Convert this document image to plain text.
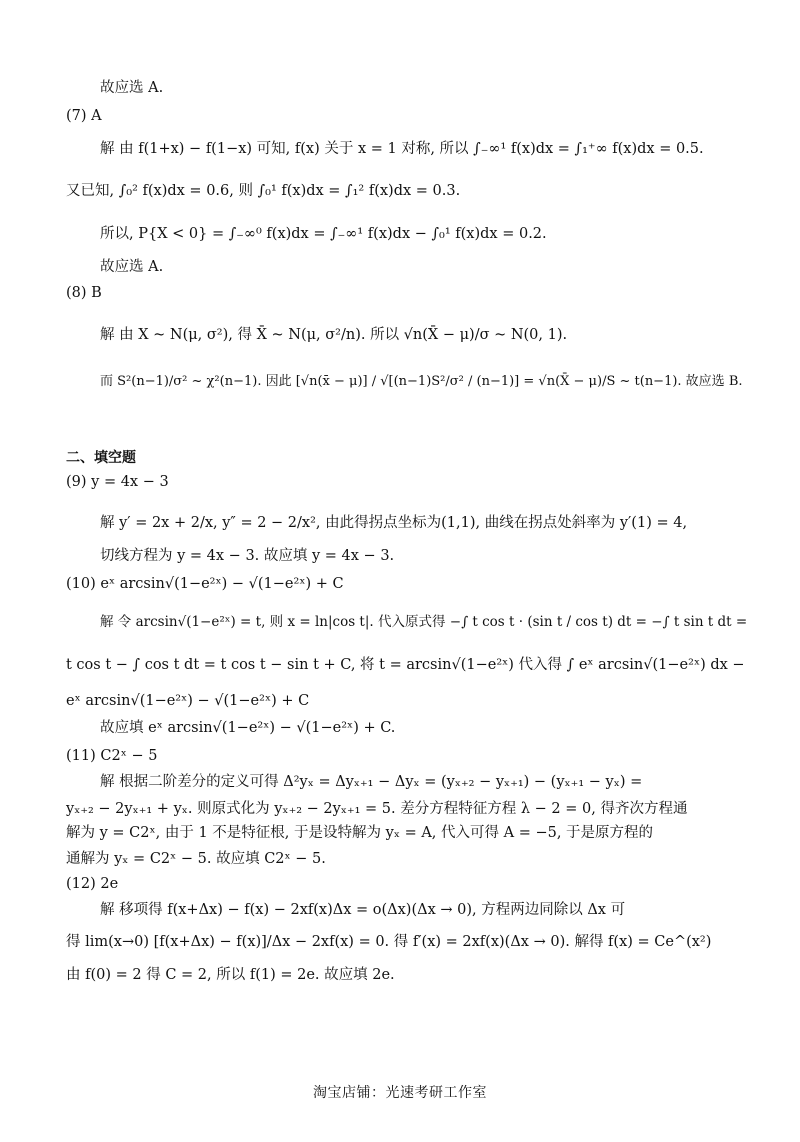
故应选 A.
(7) A
解 由 f(1+x) − f(1−x) 可知, f(x) 关于 x = 1 对称, 所以 ∫₋∞¹ f(x)dx = ∫₁⁺∞ f(x)dx = 0.5.
又已知, ∫₀² f(x)dx = 0.6, 则 ∫₀¹ f(x)dx = ∫₁² f(x)dx = 0.3.
所以, P{X < 0} = ∫₋∞⁰ f(x)dx = ∫₋∞¹ f(x)dx − ∫₀¹ f(x)dx = 0.2.
故应选 A.
(8) B
解 由 X ~ N(μ, σ²), 得 X̄ ~ N(μ, σ²/n). 所以 √n(X̄ − μ)/σ ~ N(0, 1).
而 S²(n−1)/σ² ~ χ²(n−1). 因此 [√n(x̄ − μ)] / √[(n−1)S²/σ² / (n−1)] = √n(X̄ − μ)/S ~ t(n−1). 故应选 B.
二、填空题
(9) y = 4x − 3
解 y′ = 2x + 2/x, y″ = 2 − 2/x², 由此得拐点坐标为(1,1), 曲线在拐点处斜率为 y′(1) = 4,
切线方程为 y = 4x − 3. 故应填 y = 4x − 3.
(10) eˣ arcsin√(1−e²ˣ) − √(1−e²ˣ) + C
解 令 arcsin√(1−e²ˣ) = t, 则 x = ln|cos t|. 代入原式得 −∫ t cos t · (sin t / cos t) dt = −∫ t sin t dt =
t cos t − ∫ cos t dt = t cos t − sin t + C, 将 t = arcsin√(1−e²ˣ) 代入得 ∫ eˣ arcsin√(1−e²ˣ) dx −
eˣ arcsin√(1−e²ˣ) − √(1−e²ˣ) + C
故应填 eˣ arcsin√(1−e²ˣ) − √(1−e²ˣ) + C.
(11) C2ˣ − 5
解 根据二阶差分的定义可得 Δ²yₓ = Δyₓ₊₁ − Δyₓ = (yₓ₊₂ − yₓ₊₁) − (yₓ₊₁ − yₓ) =
yₓ₊₂ − 2yₓ₊₁ + yₓ. 则原式化为 yₓ₊₂ − 2yₓ₊₁ = 5. 差分方程特征方程 λ − 2 = 0, 得齐次方程通
解为 y = C2ˣ, 由于 1 不是特征根, 于是设特解为 yₓ = A, 代入可得 A = −5, 于是原方程的
通解为 yₓ = C2ˣ − 5. 故应填 C2ˣ − 5.
(12) 2e
解 移项得 f(x+Δx) − f(x) − 2xf(x)Δx = o(Δx)(Δx → 0), 方程两边同除以 Δx 可
得 lim(x→0) [f(x+Δx) − f(x)]/Δx − 2xf(x) = 0. 得 f′(x) = 2xf(x)(Δx → 0). 解得 f(x) = Ce^(x²)
由 f(0) = 2 得 C = 2, 所以 f(1) = 2e. 故应填 2e.
淘宝店铺：光速考研工作室
